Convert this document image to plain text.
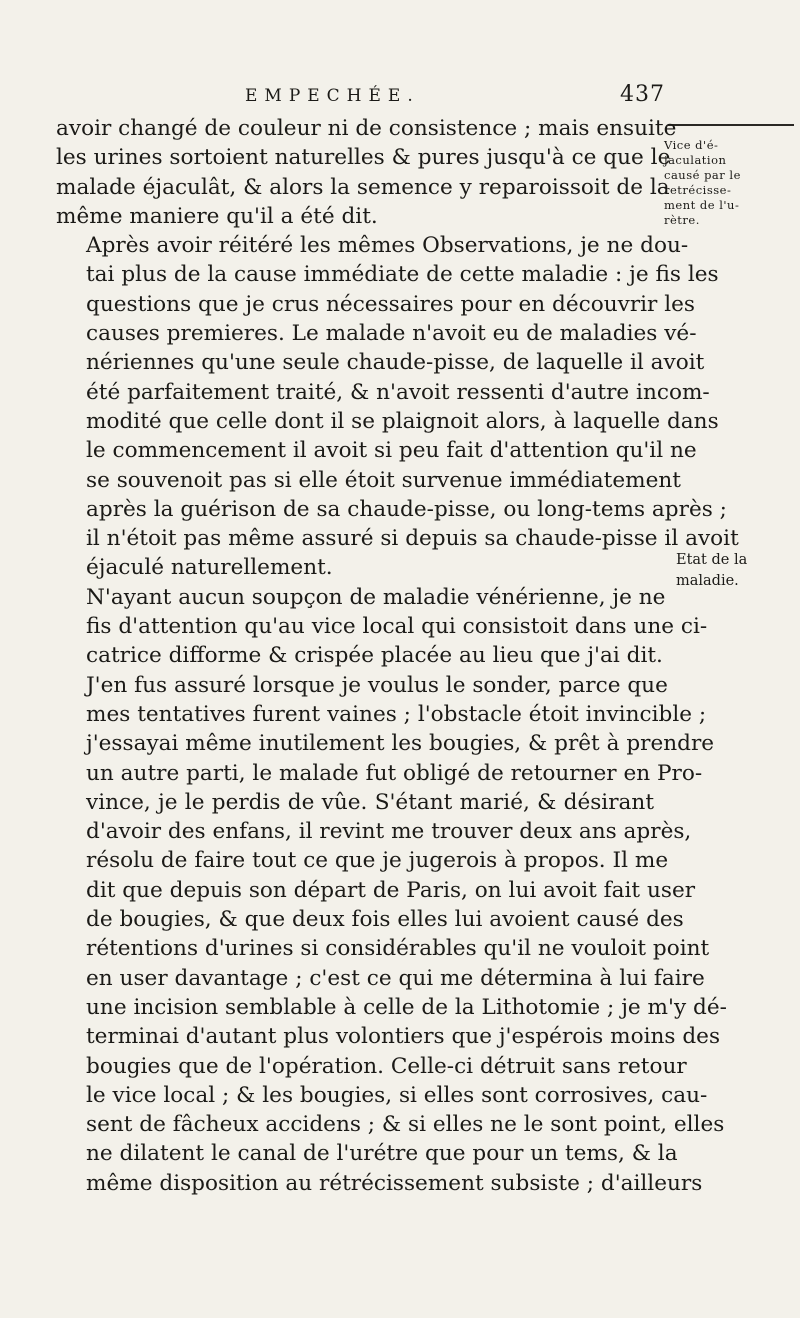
EMPECHÉE.	437
Vice d'é-
jaculation
causé par le
retrécisse-
ment de l'u-
rètre.
Etat de la
maladie.

avoir changé de couleur ni de consistence ; mais ensuite
les urines sortoient naturelles & pures jusqu'à ce que le
malade éjaculât, & alors la semence y reparoissoit de la
même maniere qu'il a été dit.

Après avoir réitéré les mêmes Observations, je ne dou-
tai plus de la cause immédiate de cette maladie : je fis les
questions que je crus nécessaires pour en découvrir les
causes premieres. Le malade n'avoit eu de maladies vé-
nériennes qu'une seule chaude-pisse, de laquelle il avoit
été parfaitement traité, & n'avoit ressenti d'autre incom-
modité que celle dont il se plaignoit alors, à laquelle dans
le commencement il avoit si peu fait d'attention qu'il ne
se souvenoit pas si elle étoit survenue immédiatement
après la guérison de sa chaude-pisse, ou long-tems après ;
il n'étoit pas même assuré si depuis sa chaude-pisse il avoit
éjaculé naturellement.

N'ayant aucun soupçon de maladie vénérienne, je ne
fis d'attention qu'au vice local qui consistoit dans une ci-
catrice difforme & crispée placée au lieu que j'ai dit.

J'en fus assuré lorsque je voulus le sonder, parce que
mes tentatives furent vaines ; l'obstacle étoit invincible ;
j'essayai même inutilement les bougies, & prêt à prendre
un autre parti, le malade fut obligé de retourner en Pro-
vince, je le perdis de vûe. S'étant marié, & désirant
d'avoir des enfans, il revint me trouver deux ans après,
résolu de faire tout ce que je jugerois à propos. Il me
dit que depuis son départ de Paris, on lui avoit fait user
de bougies, & que deux fois elles lui avoient causé des
rétentions d'urines si considérables qu'il ne vouloit point
en user davantage ; c'est ce qui me détermina à lui faire
une incision semblable à celle de la Lithotomie ; je m'y dé-
terminai d'autant plus volontiers que j'espérois moins des
bougies que de l'opération. Celle-ci détruit sans retour
le vice local ; & les bougies, si elles sont corrosives, cau-
sent de fâcheux accidens ; & si elles ne le sont point, elles
ne dilatent le canal de l'urétre que pour un tems, & la
même disposition au rétrécissement subsiste ; d'ailleurs
